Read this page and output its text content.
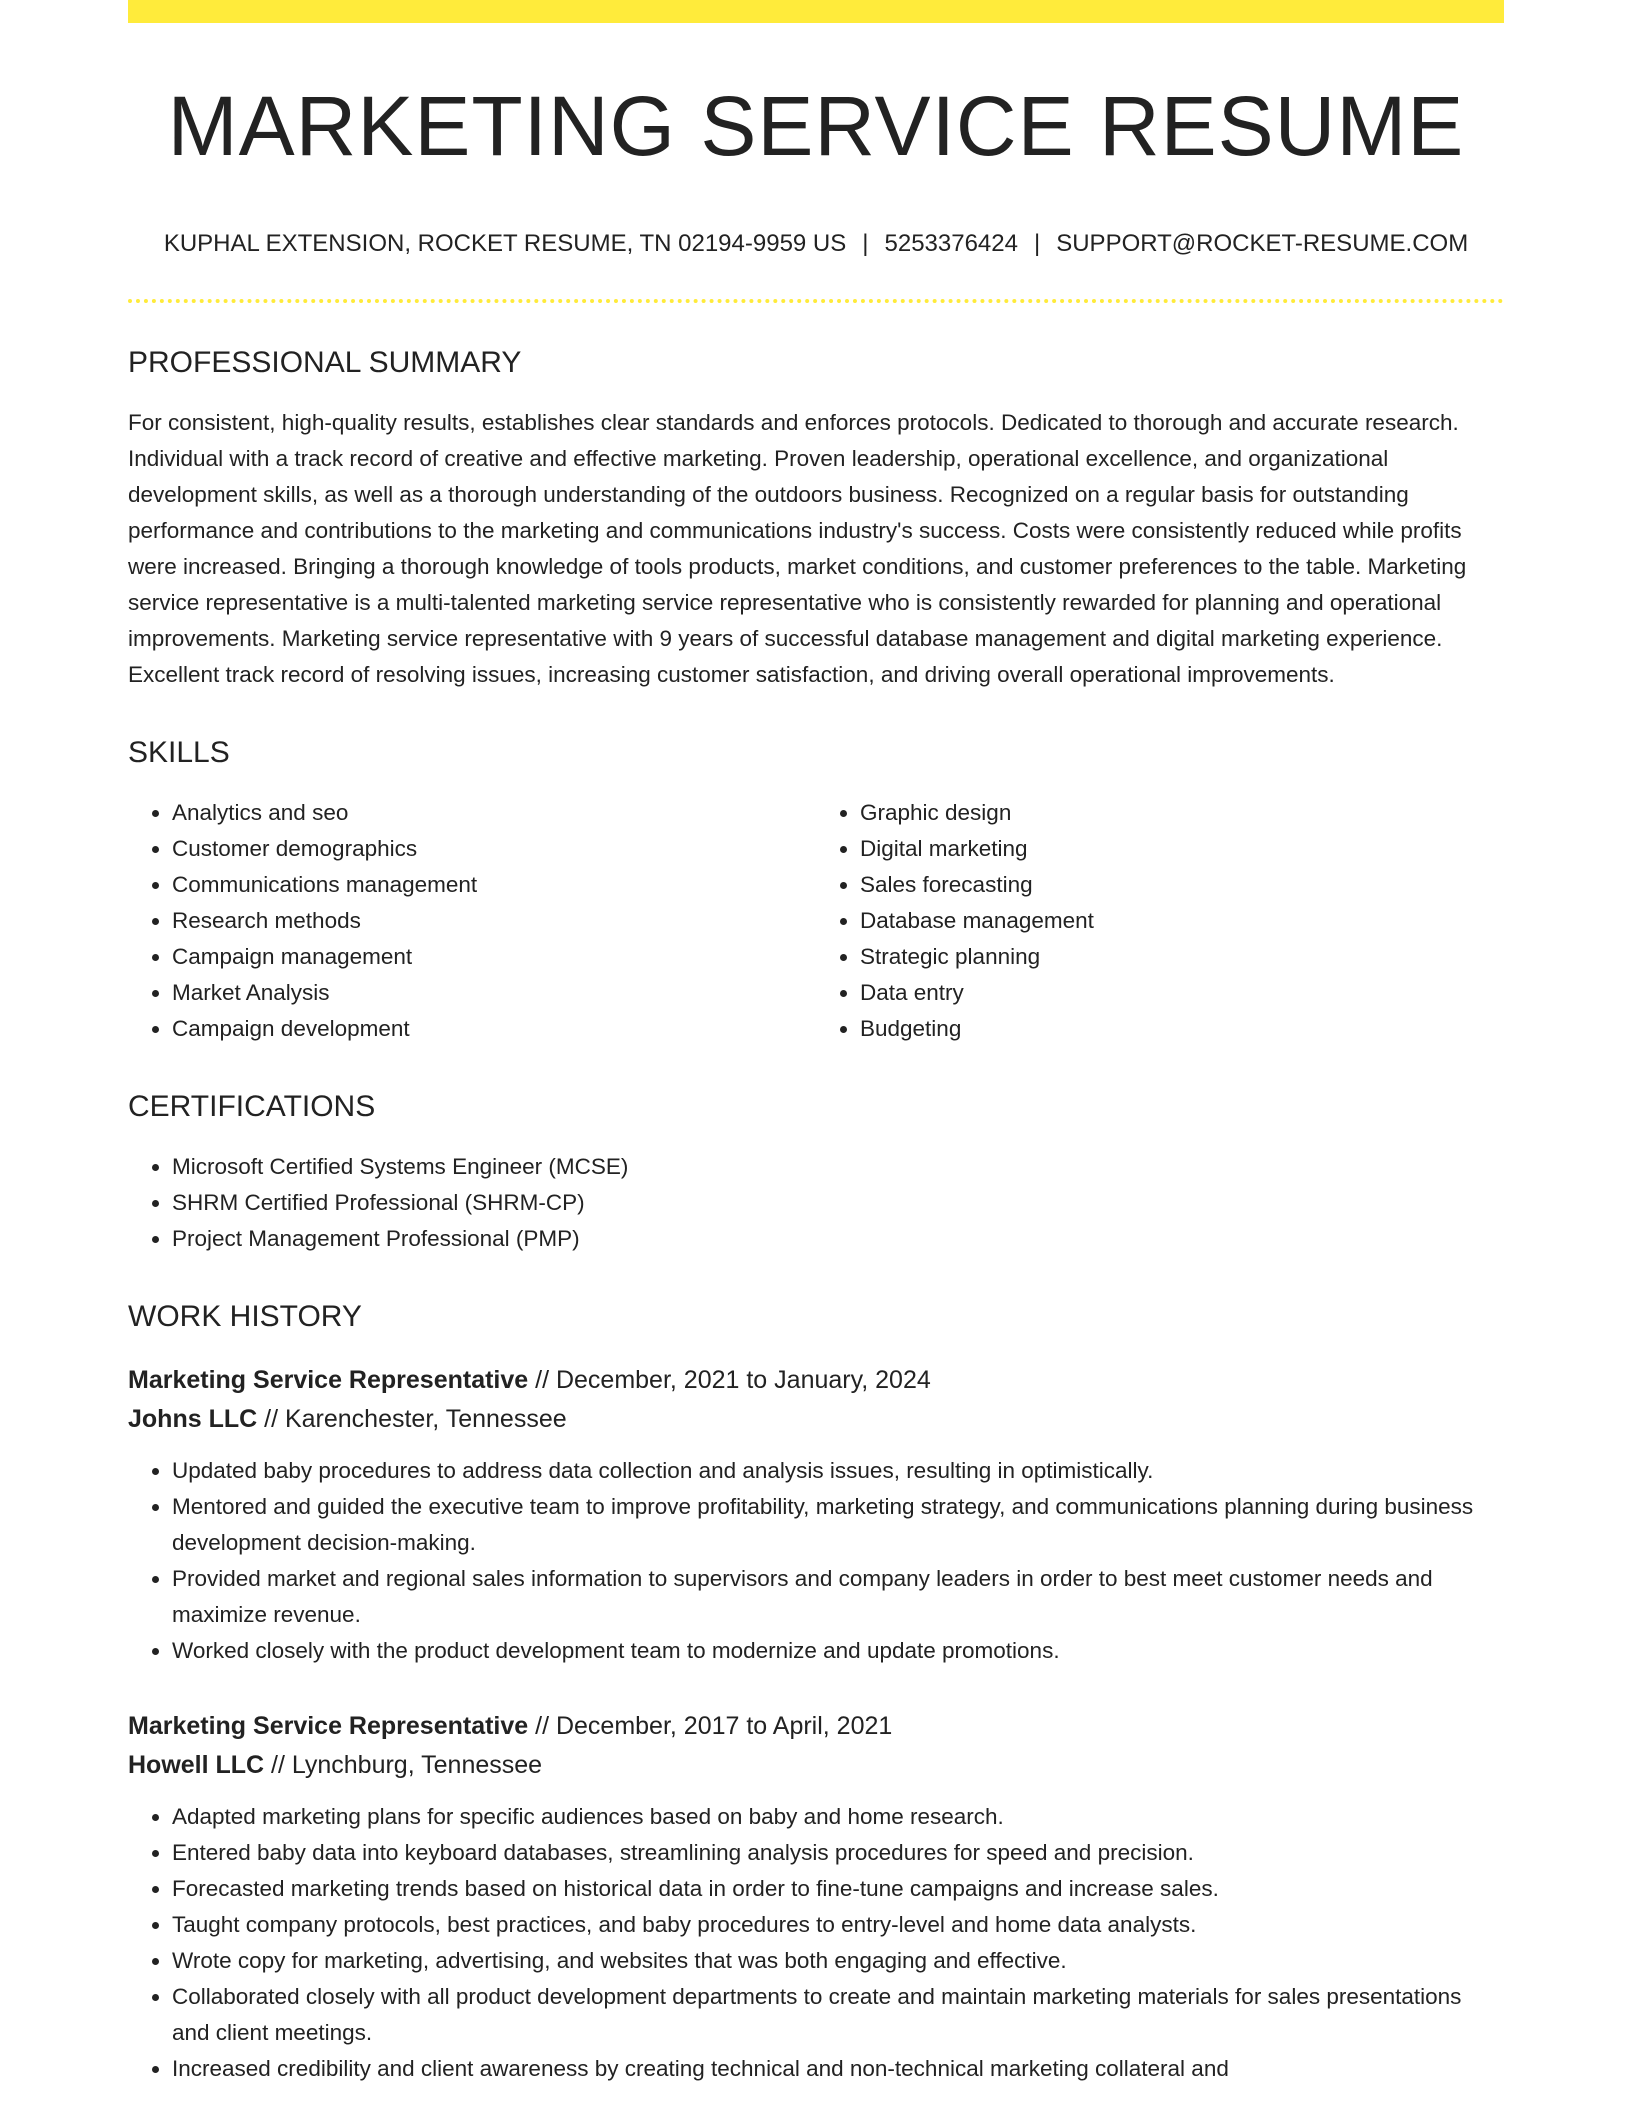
MARKETING SERVICE RESUME
KUPHAL EXTENSION, ROCKET RESUME, TN 02194-9959 US | 5253376424 | SUPPORT@ROCKET-RESUME.COM
PROFESSIONAL SUMMARY

For consistent, high-quality results, establishes clear standards and enforces protocols. Dedicated to thorough and accurate research. Individual with a track record of creative and effective marketing. Proven leadership, operational excellence, and organizational development skills, as well as a thorough understanding of the outdoors business. Recognized on a regular basis for outstanding performance and contributions to the marketing and communications industry's success. Costs were consistently reduced while profits were increased. Bringing a thorough knowledge of tools products, market conditions, and customer preferences to the table. Marketing service representative is a multi-talented marketing service representative who is consistently rewarded for planning and operational improvements. Marketing service representative with 9 years of successful database management and digital marketing experience. Excellent track record of resolving issues, increasing customer satisfaction, and driving overall operational improvements.

SKILLS
• Analytics and seo
• Customer demographics
• Communications management
• Research methods
• Campaign management
• Market Analysis
• Campaign development
• Graphic design
• Digital marketing
• Sales forecasting
• Database management
• Strategic planning
• Data entry
• Budgeting
CERTIFICATIONS
• Microsoft Certified Systems Engineer (MCSE)
• SHRM Certified Professional (SHRM-CP)
• Project Management Professional (PMP)
WORK HISTORY
Marketing Service Representative // December, 2021 to January, 2024
Johns LLC // Karenchester, Tennessee
• Updated baby procedures to address data collection and analysis issues, resulting in optimistically.
• Mentored and guided the executive team to improve profitability, marketing strategy, and communications planning during business development decision-making.
• Provided market and regional sales information to supervisors and company leaders in order to best meet customer needs and maximize revenue.
• Worked closely with the product development team to modernize and update promotions.
Marketing Service Representative // December, 2017 to April, 2021
Howell LLC // Lynchburg, Tennessee
• Adapted marketing plans for specific audiences based on baby and home research.
• Entered baby data into keyboard databases, streamlining analysis procedures for speed and precision.
• Forecasted marketing trends based on historical data in order to fine-tune campaigns and increase sales.
• Taught company protocols, best practices, and baby procedures to entry-level and home data analysts.
• Wrote copy for marketing, advertising, and websites that was both engaging and effective.
• Collaborated closely with all product development departments to create and maintain marketing materials for sales presentations and client meetings.
• Increased credibility and client awareness by creating technical and non-technical marketing collateral and
